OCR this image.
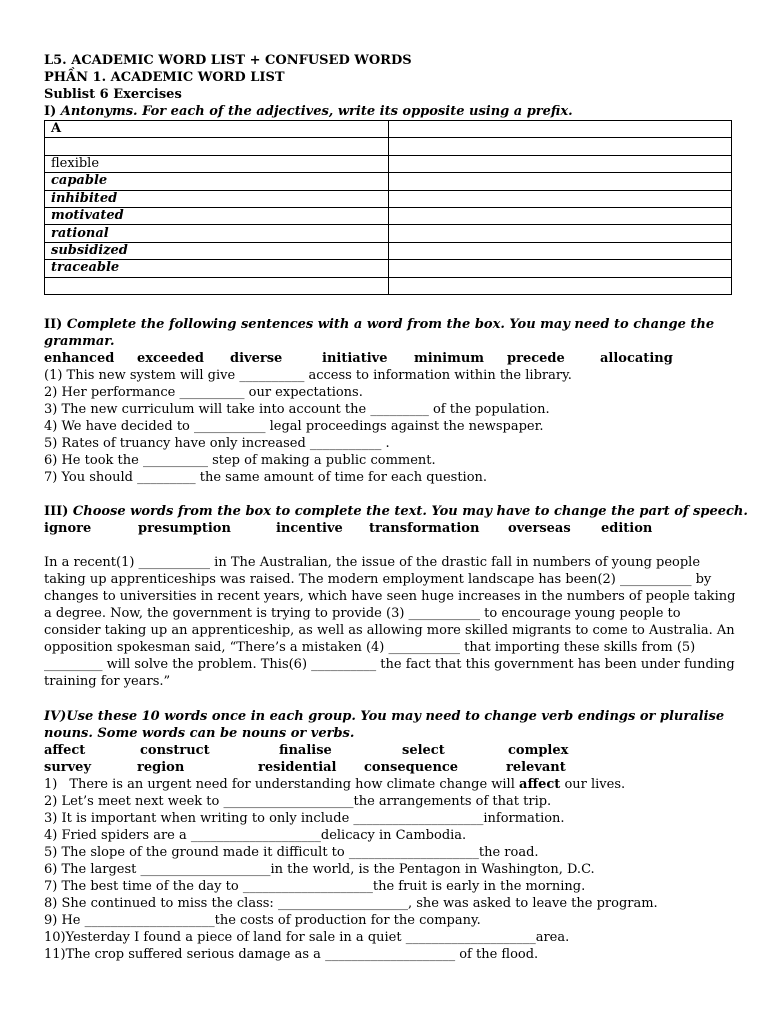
L5. ACADEMIC WORD LIST + CONFUSED WORDS
PHẦN 1. ACADEMIC WORD LIST
Sublist 6 Exercises
I) Antonyms. For each of the adjectives, write its opposite using a prefix.
A	

flexible	
capable	
inhibited	
motivated	
rational	
subsidized	
traceable	

II) Complete the following sentences with a word from the box. You may need to change the
grammar.
enhanced exceeded diverse	initiative minimum precede	allocating
(1) This new system will give __________ access to information within the library.
2) Her performance __________ our expectations.
3) The new curriculum will take into account the _________ of the population.
4) We have decided to ___________ legal proceedings against the newspaper.
5) Rates of truancy have only increased ___________ .
6) He took the __________ step of making a public comment.
7) You should _________ the same amount of time for each question.
III) Choose words from the box to complete the text. You may have to change the part of speech.
ignore	presumption	incentive transformation overseas edition
In a recent(1) ___________ in The Australian, the issue of the drastic fall in numbers of young people
taking up apprenticeships was raised. The modern employment landscape has been(2) ___________ by
changes to universities in recent years, which have seen huge increases in the numbers of people taking
a degree. Now, the government is trying to provide (3) ___________ to encourage young people to
consider taking up an apprenticeship, as well as allowing more skilled migrants to come to Australia. An
opposition spokesman said, “There’s a mistaken (4) ___________ that importing these skills from (5)
_________ will solve the problem. This(6) __________ the fact that this government has been under funding
training for years.”
IV)Use these 10 words once in each group. You may need to change verb endings or pluralise
nouns. Some words can be nouns or verbs.
affect	construct	finalise	select	complex
survey	region	residential consequence	relevant
1) There is an urgent need for understanding how climate change will affect our lives.
2) Let’s meet next week to ____________________the arrangements of that trip.
3) It is important when writing to only include ____________________information.
4) Fried spiders are a ____________________delicacy in Cambodia.
5) The slope of the ground made it difficult to ____________________the road.
6) The largest ____________________in the world, is the Pentagon in Washington, D.C.
7) The best time of the day to ____________________the fruit is early in the morning.
8) She continued to miss the class: ____________________, she was asked to leave the program.
9) He ____________________the costs of production for the company.
10)Yesterday I found a piece of land for sale in a quiet ____________________area.
11)The crop suffered serious damage as a ____________________ of the flood.
